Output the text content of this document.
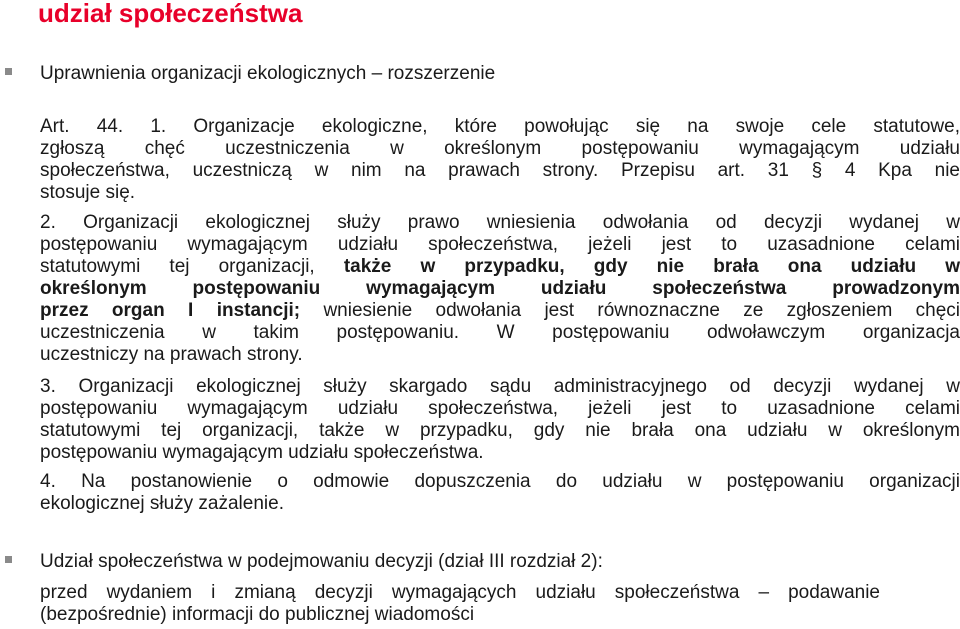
udział społeczeństwa
Uprawnienia organizacji ekologicznych – rozszerzenie
Art. 44. 1. Organizacje ekologiczne, które powołując się na swoje cele statutowe,
zgłoszą chęć uczestniczenia w określonym postępowaniu wymagającym udziału
społeczeństwa, uczestniczą w nim na prawach strony. Przepisu art. 31 § 4 Kpa nie
stosuje się.
2. Organizacji ekologicznej służy prawo wniesienia odwołania od decyzji wydanej w
postępowaniu wymagającym udziału społeczeństwa, jeżeli jest to uzasadnione celami
statutowymi tej organizacji, także w przypadku, gdy nie brała ona udziału w
określonym postępowaniu wymagającym udziału społeczeństwa prowadzonym
przez organ I instancji; wniesienie odwołania jest równoznaczne ze zgłoszeniem chęci
uczestniczenia w takim postępowaniu. W postępowaniu odwoławczym organizacja
uczestniczy na prawach strony.
3. Organizacji ekologicznej służy skargado sądu administracyjnego od decyzji wydanej w
postępowaniu wymagającym udziału społeczeństwa, jeżeli jest to uzasadnione celami
statutowymi tej organizacji, także w przypadku, gdy nie brała ona udziału w określonym
postępowaniu wymagającym udziału społeczeństwa.
4. Na postanowienie o odmowie dopuszczenia do udziału w postępowaniu organizacji
ekologicznej służy zażalenie.
Udział społeczeństwa w podejmowaniu decyzji (dział III rozdział 2):
przed wydaniem i zmianą decyzji wymagających udziału społeczeństwa – podawanie
(bezpośrednie) informacji do publicznej wiadomości
